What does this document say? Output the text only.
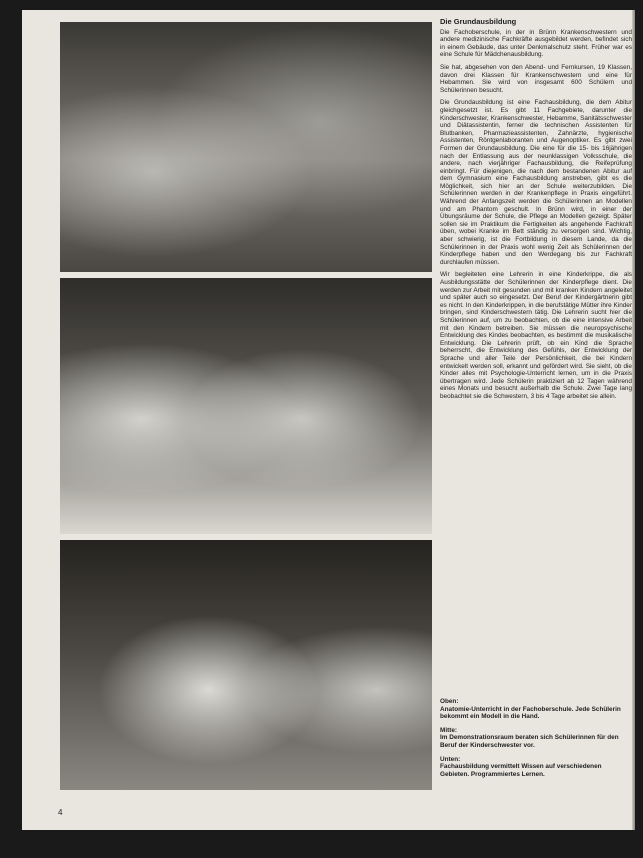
Die Grundausbildung

Die Fachoberschule, in der in Brünn Krankenschwestern und andere medizinische Fachkräfte ausgebildet werden, befindet sich in einem Gebäude, das unter Denkmalschutz steht. Früher war es eine Schule für Mädchenausbildung.

Sie hat, abgesehen von den Abend- und Fernkursen, 19 Klassen, davon drei Klassen für Krankenschwestern und eine für Hebammen. Sie wird von insgesamt 600 Schülern und Schülerinnen besucht.

Die Grundausbildung ist eine Fachausbildung, die dem Abitur gleichgesetzt ist. Es gibt 11 Fachgebiete, darunter die Kinderschwester, Krankenschwester, Hebamme, Sanitätsschwester und Diätassistentin, ferner die technischen Assistenten für Blutbanken, Pharmazieassistenten, Zahnärzte, hygienische Assistenten, Röntgenlaboranten und Augenoptiker. Es gibt zwei Formen der Grundausbildung. Die eine für die 15- bis 16jährigen nach der Entlassung aus der neunklassigen Volksschule, die andere, nach vierjähriger Fachausbildung, die Reifeprüfung einbringt. Für diejenigen, die nach dem bestandenen Abitur auf dem Gymnasium eine Fachausbildung anstreben, gibt es die Möglichkeit, sich hier an der Schule weiterzubilden. Die Schülerinnen werden in der Krankenpflege in Praxis eingeführt. Während der Anfangszeit werden die Schülerinnen an Modellen und am Phantom geschult. In Brünn wird, in einer der Übungsräume der Schule, die Pflege an Modellen gezeigt. Später sollen sie im Praktikum die Fertigkeiten als angehende Fachkraft üben, wobei Kranke im Bett ständig zu versorgen sind. Wichtig, aber schwierig, ist die Fortbildung in diesem Lande, da die Schülerinnen in der Praxis wohl wenig Zeit als Schülerinnen der Kinderpflege haben und den Werdegang bis zur Fachkraft durchlaufen müssen.

Wir begleiteten eine Lehrerin in eine Kinderkrippe, die als Ausbildungsstätte der Schülerinnen der Kinderpflege dient. Die werden zur Arbeit mit gesunden und mit kranken Kindern angeleitet und später auch so eingesetzt. Der Beruf der Kindergärtnerin gibt es nicht. In den Kinderkrippen, in die berufstätige Mütter ihre Kinder bringen, sind Kinderschwestern tätig. Die Lehrerin sucht hier die Schülerinnen auf, um zu beobachten, ob die eine intensive Arbeit mit den Kindern betreiben. Sie müssen die neuropsychische Entwicklung des Kindes beobachten, es bestimmt die musikalische Entwicklung. Die Lehrerin prüft, ob ein Kind die Sprache beherrscht, die Entwicklung des Gefühls, der Entwicklung der Sprache und aller Teile der Persönlichkeit, die bei Kindern entwickelt werden soll, erkannt und gefördert wird. Sie sieht, ob die Kinder alles mit Psychologie-Unterricht lernen, um in die Praxis übertragen wird. Jede Schülerin praktiziert ab 12 Tagen während eines Monats und besucht außerhalb die Schule. Zwei Tage lang beobachtet sie die Schwestern, 3 bis 4 Tage arbeitet sie allein.

Oben:
Anatomie-Unterricht in der Fachoberschule. Jede Schülerin bekommt ein Modell in die Hand.
Mitte:
Im Demonstrationsraum beraten sich Schülerinnen für den Beruf der Kinderschwester vor.
Unten:
Fachausbildung vermittelt Wissen auf verschiedenen Gebieten. Programmiertes Lernen.
4
